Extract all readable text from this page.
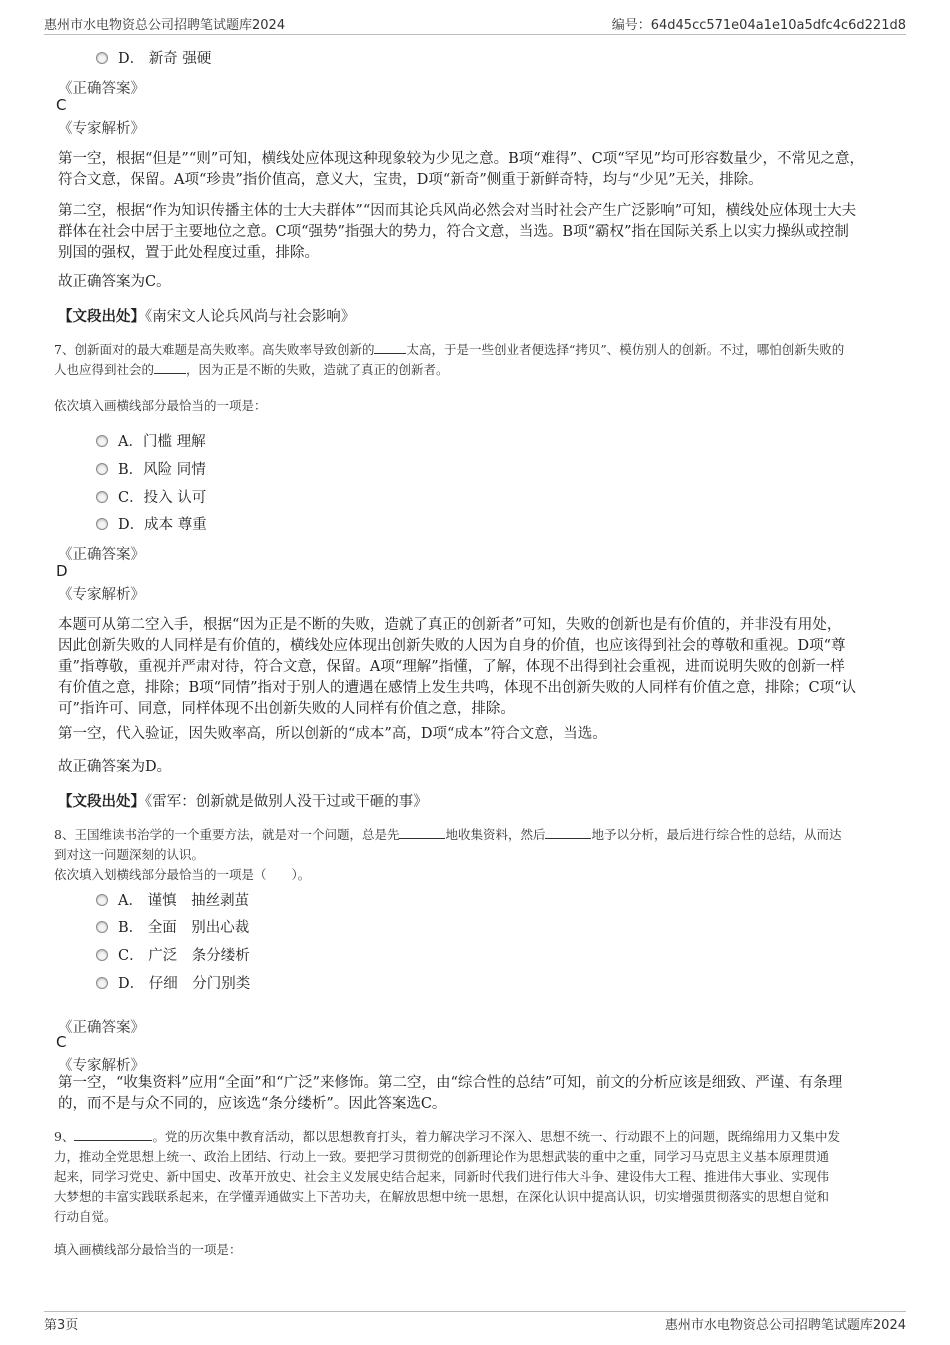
惠州市水电物资总公司招聘笔试题库2024	编号：64d45cc571e04a1e10a5dfc4c6d221d8
D． 新奇 强硬
《正确答案》
C
《专家解析》
第一空，根据“但是”“则”可知，横线处应体现这种现象较为少见之意。B项“难得”、C项“罕见”均可形容数量少，不常见之意，
符合文意，保留。A项“珍贵”指价值高，意义大，宝贵，D项“新奇”侧重于新鲜奇特，均与“少见”无关，排除。
第二空，根据“作为知识传播主体的士大夫群体”“因而其论兵风尚必然会对当时社会产生广泛影响”可知，横线处应体现士大夫
群体在社会中居于主要地位之意。C项“强势”指强大的势力，符合文意，当选。B项“霸权”指在国际关系上以实力操纵或控制
别国的强权，置于此处程度过重，排除。
故正确答案为C。
【文段出处】《南宋文人论兵风尚与社会影响》
7、创新面对的最大难题是高失败率。高失败率导致创新的	太高，于是一些创业者便选择“拷贝”、模仿别人的创新。不过，哪怕创新失败的
人也应得到社会的	，因为正是不断的失败，造就了真正的创新者。
依次填入画横线部分最恰当的一项是：
A．门槛 理解
B．风险 同情
C．投入 认可
D．成本 尊重
《正确答案》
D
《专家解析》
本题可从第二空入手，根据“因为正是不断的失败，造就了真正的创新者”可知，失败的创新也是有价值的，并非没有用处，
因此创新失败的人同样是有价值的，横线处应体现出创新失败的人因为自身的价值，也应该得到社会的尊敬和重视。D项“尊
重”指尊敬，重视并严肃对待，符合文意，保留。A项“理解”指懂，了解，体现不出得到社会重视，进而说明失败的创新一样
有价值之意，排除；B项“同情”指对于别人的遭遇在感情上发生共鸣，体现不出创新失败的人同样有价值之意，排除；C项“认
可”指许可、同意，同样体现不出创新失败的人同样有价值之意，排除。
第一空，代入验证，因失败率高，所以创新的“成本”高，D项“成本”符合文意，当选。
故正确答案为D。
【文段出处】《雷军：创新就是做别人没干过或干砸的事》
8、王国维读书治学的一个重要方法，就是对一个问题，总是先	地收集资料，然后	地予以分析，最后进行综合性的总结，从而达
到对这一问题深刻的认识。
依次填入划横线部分最恰当的一项是（　　）。
A． 谨慎　抽丝剥茧
B． 全面　别出心裁
C． 广泛　条分缕析
D． 仔细　分门别类
《正确答案》
C
《专家解析》
第一空，“收集资料”应用“全面”和“广泛”来修饰。第二空，由“综合性的总结”可知，前文的分析应该是细致、严谨、有条理
的，而不是与众不同的，应该选“条分缕析”。因此答案选C。
9、	。党的历次集中教育活动，都以思想教育打头，着力解决学习不深入、思想不统一、行动跟不上的问题，既绵绵用力又集中发
力，推动全党思想上统一、政治上团结、行动上一致。要把学习贯彻党的创新理论作为思想武装的重中之重，同学习马克思主义基本原理贯通
起来，同学习党史、新中国史、改革开放史、社会主义发展史结合起来，同新时代我们进行伟大斗争、建设伟大工程、推进伟大事业、实现伟
大梦想的丰富实践联系起来，在学懂弄通做实上下苦功夫，在解放思想中统一思想，在深化认识中提高认识，切实增强贯彻落实的思想自觉和
行动自觉。
填入画横线部分最恰当的一项是：
第3页	惠州市水电物资总公司招聘笔试题库2024
